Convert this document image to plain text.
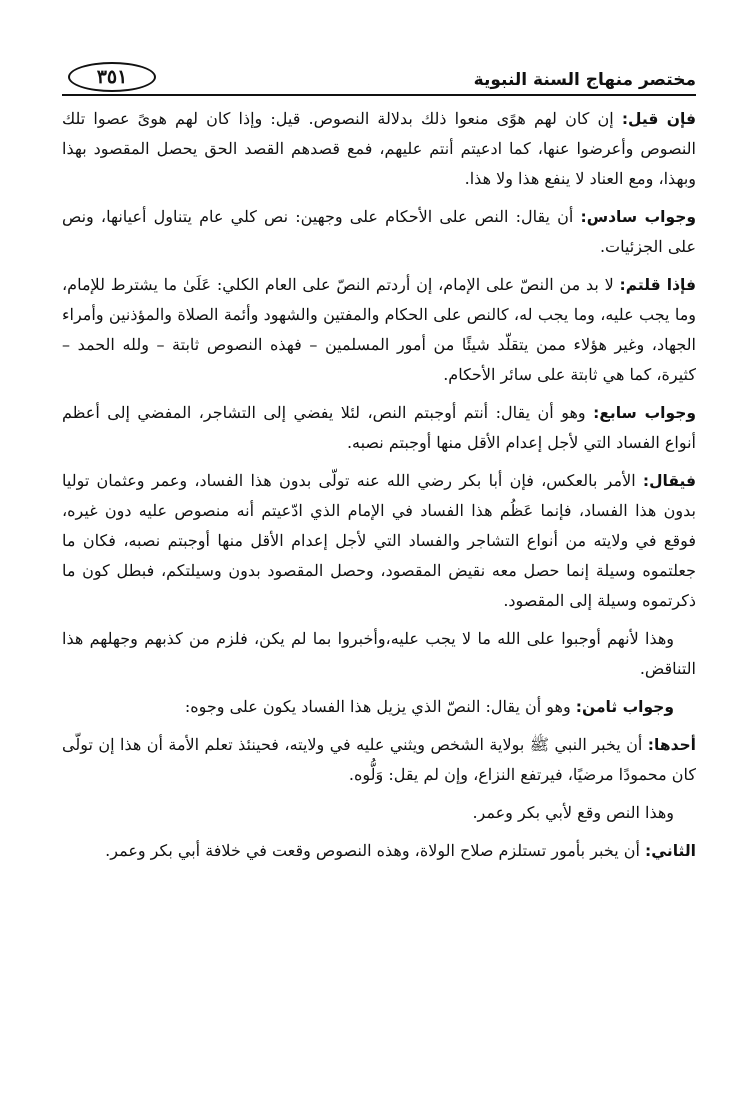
مختصر منهاج السنة النبوية
٣٥١

فإن قيل: إن كان لهم هوًى منعوا ذلك بدلالة النصوص. قيل: وإذا كان لهم هوىً عصوا تلك النصوص وأعرضوا عنها، كما ادعيتم أنتم عليهم، فمع قصدهم القصد الحق يحصل المقصود بهذا وبهذا، ومع العناد لا ينفع هذا ولا هذا.

وجواب سادس: أن يقال: النص على الأحكام على وجهين: نص كلي عام يتناول أعيانها، ونص على الجزئيات.

فإذا قلتم: لا بد من النصّ على الإمام، إن أردتم النصّ على العام الكلي: عَلَىٰ ما يشترط للإمام، وما يجب عليه، وما يجب له، كالنص على الحكام والمفتين والشهود وأئمة الصلاة والمؤذنين وأمراء الجهاد، وغير هؤلاء ممن يتقلّد شيئًا من أمور المسلمين – فهذه النصوص ثابتة – ولله الحمد – كثيرة، كما هي ثابتة على سائر الأحكام.

وجواب سابع: وهو أن يقال: أنتم أوجبتم النص، لئلا يفضي إلى التشاجر، المفضي إلى أعظم أنواع الفساد التي لأجل إعدام الأقل منها أوجبتم نصبه.

فيقال: الأمر بالعكس، فإن أبا بكر رضي الله عنه تولّى بدون هذا الفساد، وعمر وعثمان توليا بدون هذا الفساد، فإنما عَظُم هذا الفساد في الإمام الذي ادّعيتم أنه منصوص عليه دون غيره، فوقع في ولايته من أنواع التشاجر والفساد التي لأجل إعدام الأقل منها أوجبتم نصبه، فكان ما جعلتموه وسيلة إنما حصل معه نقيض المقصود، وحصل المقصود بدون وسيلتكم، فبطل كون ما ذكرتموه وسيلة إلى المقصود.

وهذا لأنهم أوجبوا على الله ما لا يجب عليه،وأخبروا بما لم يكن، فلزم من كذبهم وجهلهم هذا التناقض.

وجواب ثامن: وهو أن يقال: النصّ الذي يزيل هذا الفساد يكون على وجوه:

أحدها: أن يخبر النبي ﷺ بولاية الشخص ويثني عليه في ولايته، فحينئذ تعلم الأمة أن هذا إن تولّى كان محمودًا مرضيًا، فيرتفع النزاع، وإن لم يقل: وَلُّوه.

وهذا النص وقع لأبي بكر وعمر.

الثاني: أن يخبر بأمور تستلزم صلاح الولاة، وهذه النصوص وقعت في خلافة أبي بكر وعمر.
